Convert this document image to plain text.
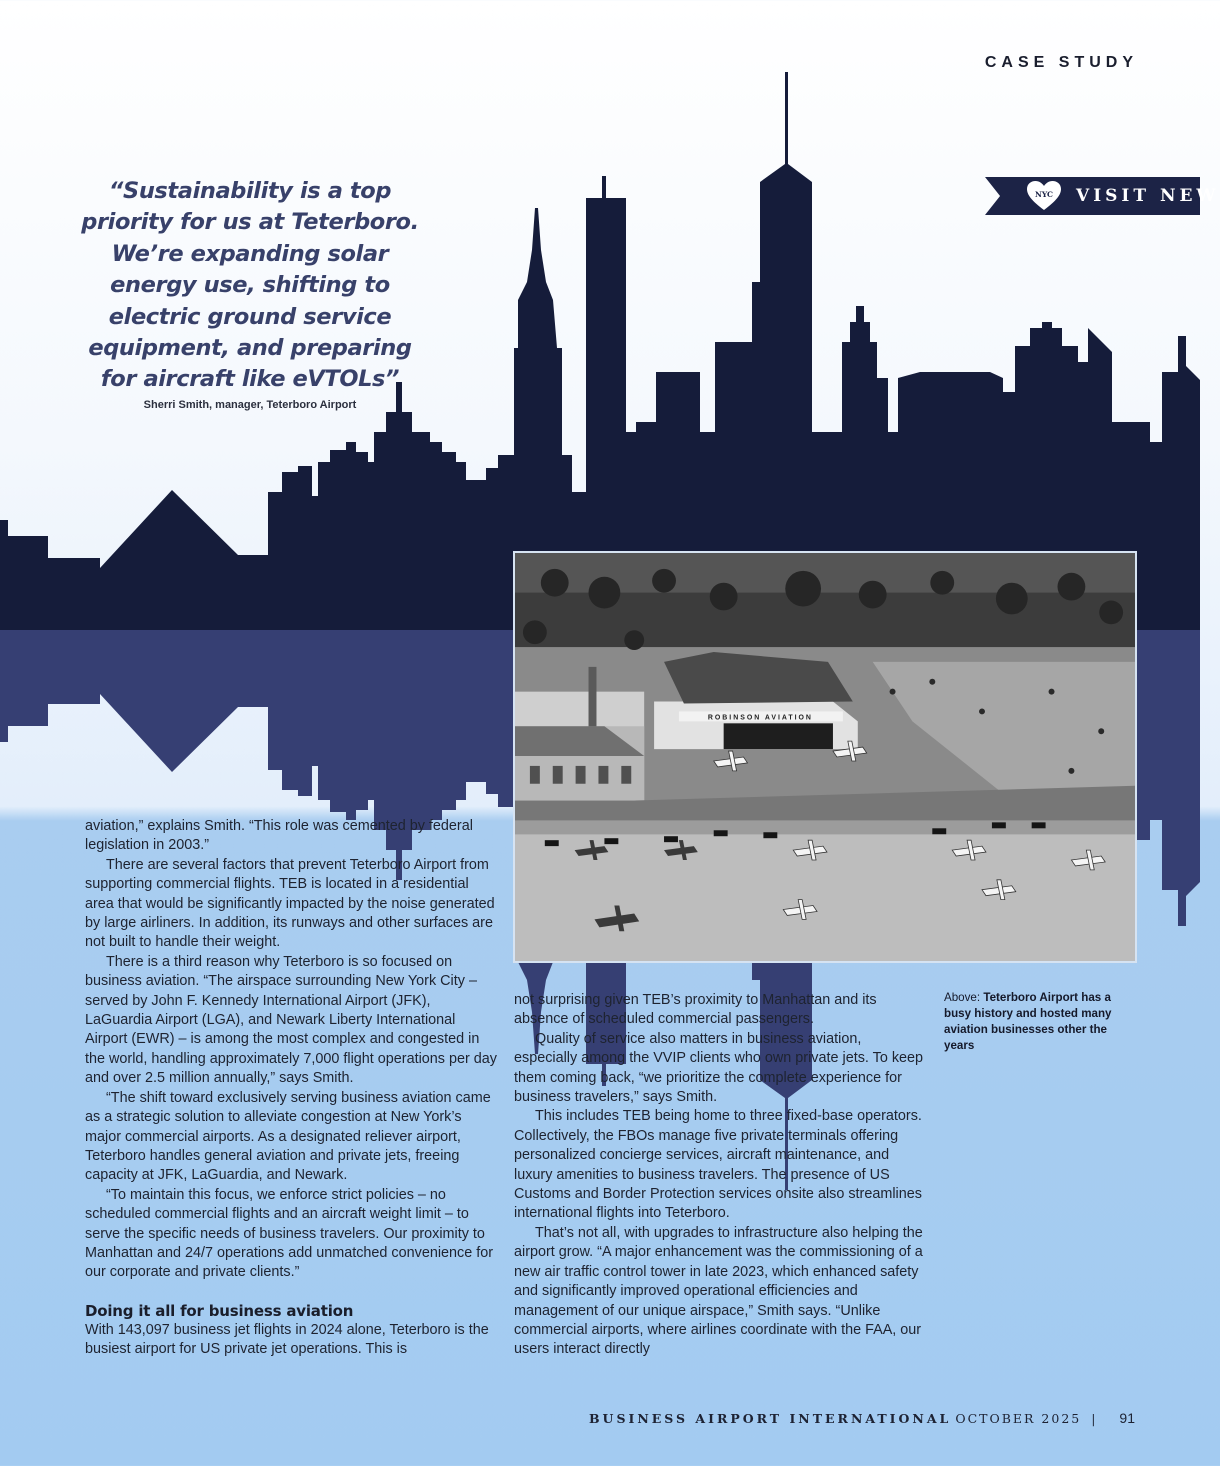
CASE STUDY
NYC VISIT NEW
“Sustainability is a top priority for us at Teterboro. We’re expanding solar energy use, shifting to electric ground service equipment, and preparing for aircraft like eVTOLs”
Sherri Smith, manager, Teterboro Airport
ROBINSON AVIATION

aviation,” explains Smith. “This role was cemented by federal legislation in 2003.”

There are several factors that prevent Teterboro Airport from supporting commercial flights. TEB is located in a residential area that would be significantly impacted by the noise generated by large airliners. In addition, its runways and other surfaces are not built to handle their weight.

There is a third reason why Teterboro is so focused on business aviation. “The airspace surrounding New York City – served by John F. Kennedy International Airport (JFK), LaGuardia Airport (LGA), and Newark Liberty International Airport (EWR) – is among the most complex and congested in the world, handling approximately 7,000 flight operations per day and over 2.5 million annually,” says Smith.

“The shift toward exclusively serving business aviation came as a strategic solution to alleviate congestion at New York’s major commercial airports. As a designated reliever airport, Teterboro handles general aviation and private jets, freeing capacity at JFK, LaGuardia, and Newark.

“To maintain this focus, we enforce strict policies – no scheduled commercial flights and an aircraft weight limit – to serve the specific needs of business travelers. Our proximity to Manhattan and 24/7 operations add unmatched convenience for our corporate and private clients.”

Doing it all for business aviation

With 143,097 business jet flights in 2024 alone, Teterboro is the busiest airport for US private jet operations. This is

not surprising given TEB’s proximity to Manhattan and its absence of scheduled commercial passengers.

Quality of service also matters in business aviation, especially among the VVIP clients who own private jets. To keep them coming back, “we prioritize the complete experience for business travelers,” says Smith.

This includes TEB being home to three fixed-base operators. Collectively, the FBOs manage five private terminals offering personalized concierge services, aircraft maintenance, and luxury amenities to business travelers. The presence of US Customs and Border Protection services onsite also streamlines international flights into Teterboro.

That’s not all, with upgrades to infrastructure also helping the airport grow. “A major enhancement was the commissioning of a new air traffic control tower in late 2023, which enhanced safety and significantly improved operational efficiencies and management of our unique airspace,” Smith says. “Unlike commercial airports, where airlines coordinate with the FAA, our users interact directly

Above: Teterboro Airport has a busy history and hosted many aviation businesses other the years
BUSINESS AIRPORT INTERNATIONAL OCTOBER 2025 | 91
